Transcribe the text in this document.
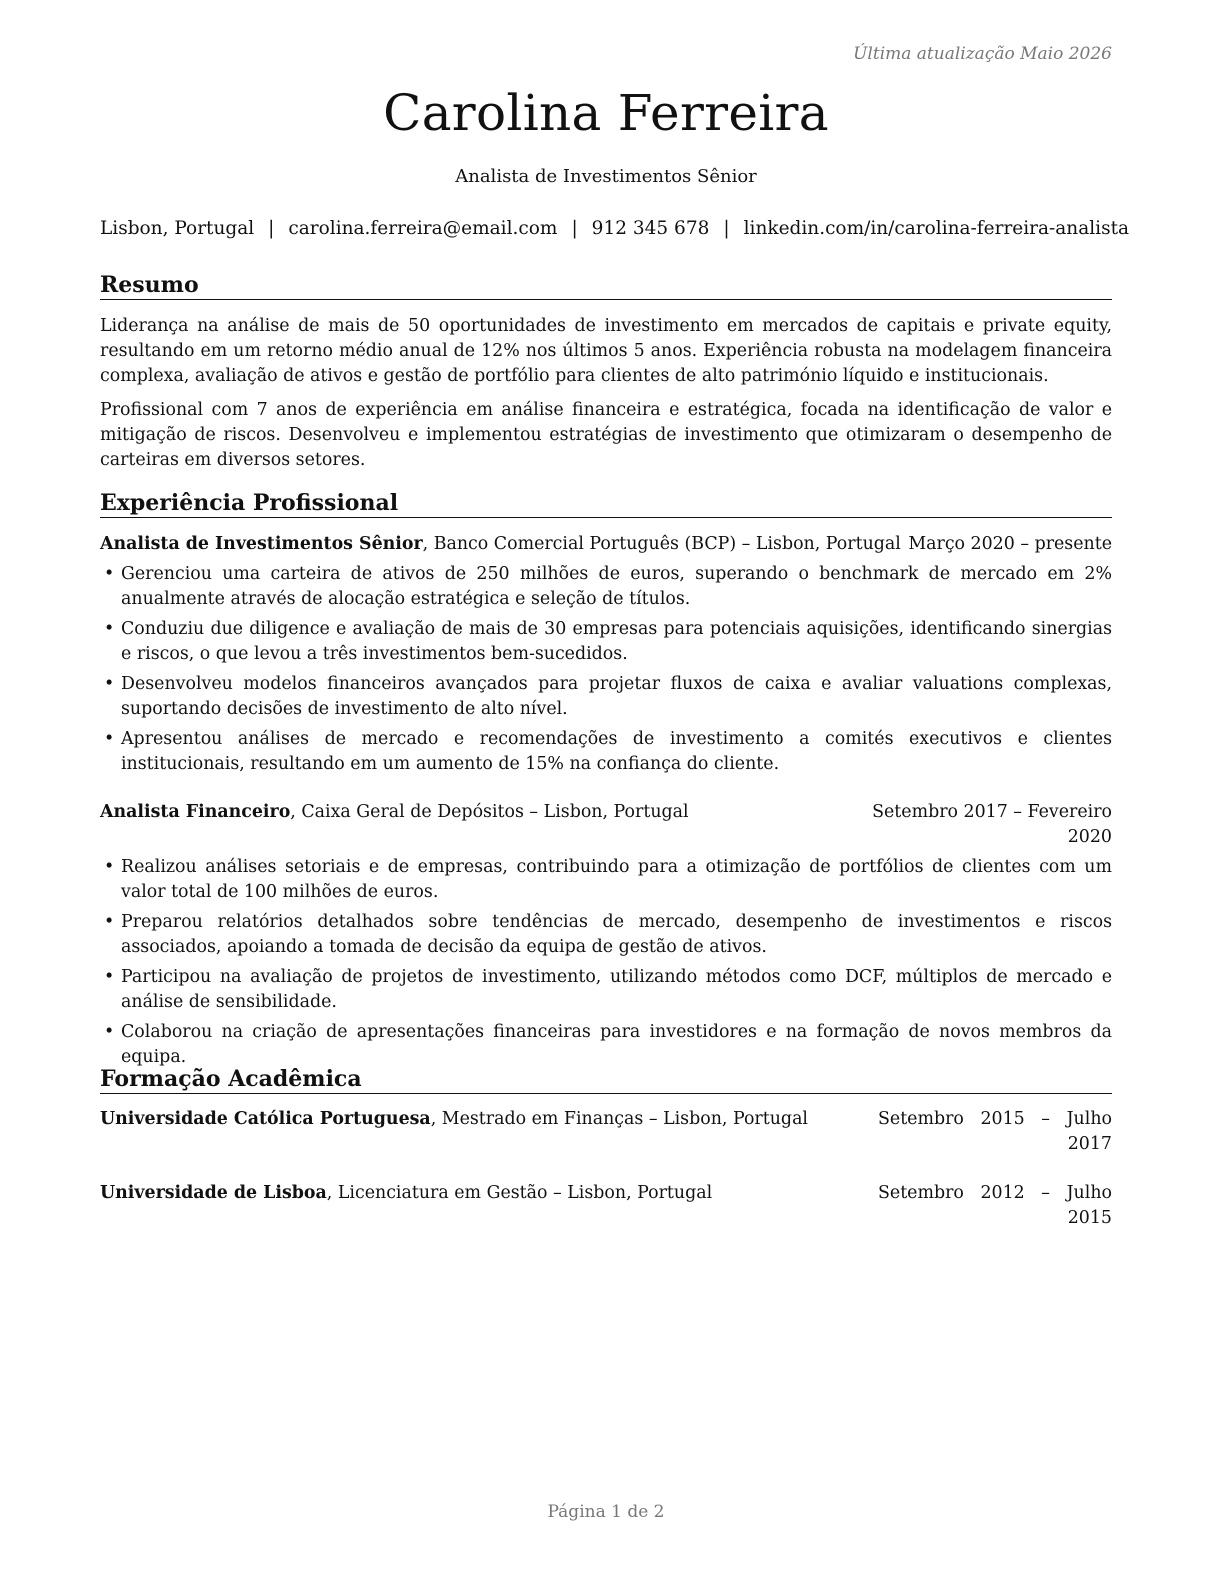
Última atualização Maio 2026
Carolina Ferreira
Analista de Investimentos Sênior
Lisbon, Portugal | carolina.ferreira@email.com | 912 345 678 | linkedin.com/in/carolina-ferreira-analista
Resumo
Liderança na análise de mais de 50 oportunidades de investimento em mercados de capitais e private equity, resultando em um retorno médio anual de 12% nos últimos 5 anos. Experiência robusta na modelagem financeira complexa, avaliação de ativos e gestão de portfólio para clientes de alto património líquido e institucionais.
Profissional com 7 anos de experiência em análise financeira e estratégica, focada na identificação de valor e mitigação de riscos. Desenvolveu e implementou estratégias de investimento que otimizaram o desempenho de carteiras em diversos setores.
Experiência Profissional
Analista de Investimentos Sênior, Banco Comercial Português (BCP) – Lisbon, Portugal Março 2020 – presente
• Gerenciou uma carteira de ativos de 250 milhões de euros, superando o benchmark de mercado em 2% anualmente através de alocação estratégica e seleção de títulos.
• Conduziu due diligence e avaliação de mais de 30 empresas para potenciais aquisições, identificando sinergias e riscos, o que levou a três investimentos bem-sucedidos.
• Desenvolveu modelos financeiros avançados para projetar fluxos de caixa e avaliar valuations complexas, suportando decisões de investimento de alto nível.
• Apresentou análises de mercado e recomendações de investimento a comités executivos e clientes institucionais, resultando em um aumento de 15% na confiança do cliente.
Analista Financeiro, Caixa Geral de Depósitos – Lisbon, Portugal	Setembro 2017 – Fevereiro
2020
• Realizou análises setoriais e de empresas, contribuindo para a otimização de portfólios de clientes com um valor total de 100 milhões de euros.
• Preparou relatórios detalhados sobre tendências de mercado, desempenho de investimentos e riscos associados, apoiando a tomada de decisão da equipa de gestão de ativos.
• Participou na avaliação de projetos de investimento, utilizando métodos como DCF, múltiplos de mercado e análise de sensibilidade.
• Colaborou na criação de apresentações financeiras para investidores e na formação de novos membros da equipa.
Formação Acadêmica
Universidade Católica Portuguesa, Mestrado em Finanças – Lisbon, Portugal	Setembro   2015   –   Julho
2017
Universidade de Lisboa, Licenciatura em Gestão – Lisbon, Portugal	Setembro   2012   –   Julho
2015
Página 1 de 2
